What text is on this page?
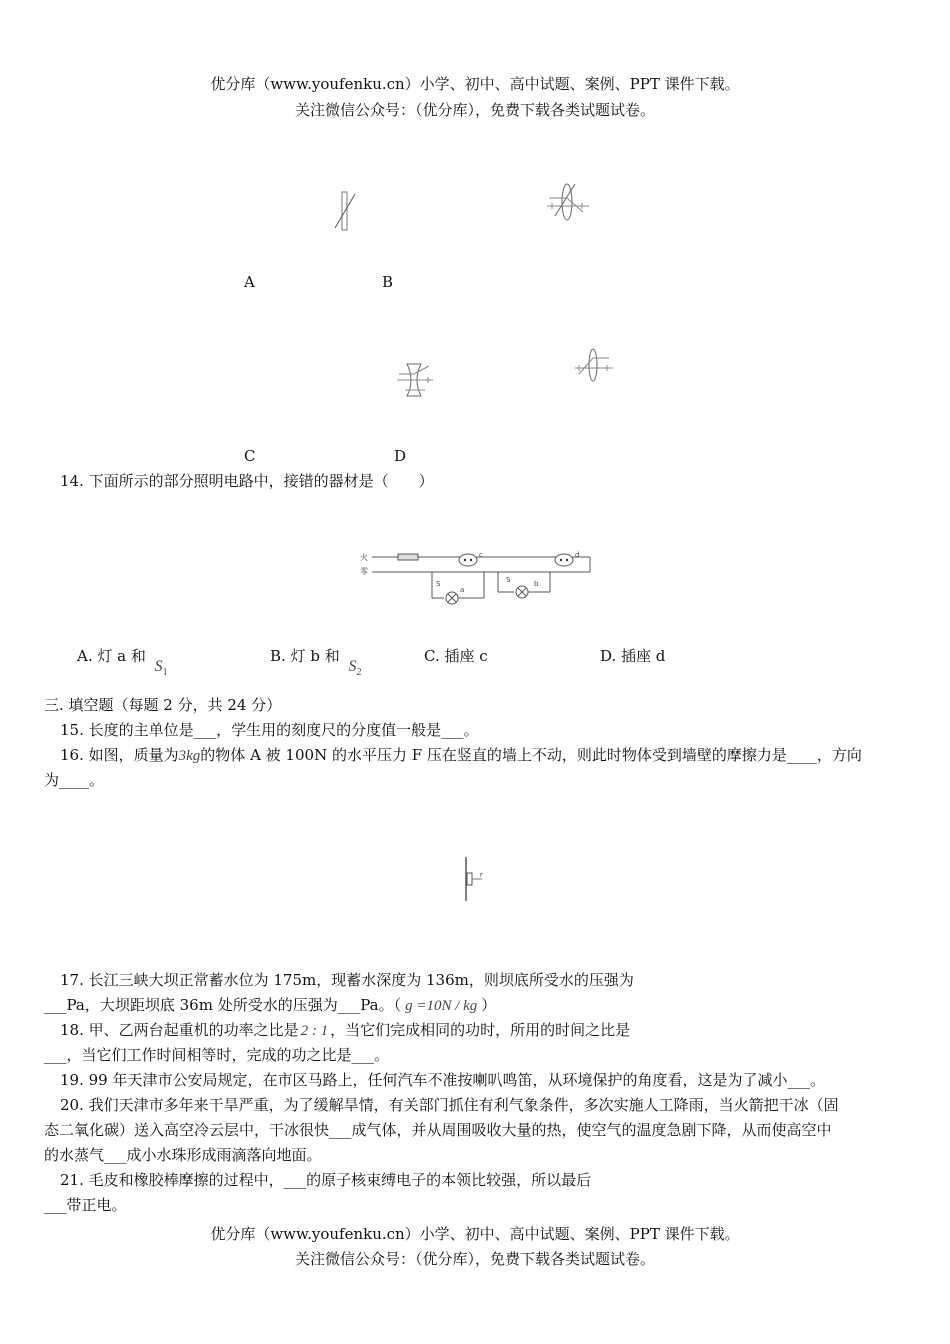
优分库（www.youfenku.cn）小学、初中、高中试题、案例、PPT 课件下载。
关注微信公众号：（优分库），免费下载各类试题试卷。
A	B
C	D
14. 下面所示的部分照明电路中，接错的器材是（　　）
火
零
c	d
S
a
S	b
A. 灯 a 和 $S_1$
B. 灯 b 和 $S_2$
C. 插座 c	D. 插座 d
三. 填空题（每题 2 分，共 24 分）
15. 长度的主单位是___，学生用的刻度尺的分度值一般是___。
16. 如图，质量为3kg的物体 A 被 100N 的水平压力 F 压在竖直的墙上不动，则此时物体受到墙壁的摩擦力是____，方向
为____。
F
17. 长江三峡大坝正常蓄水位为 175m，现蓄水深度为 136m，则坝底所受水的压强为
___Pa，大坝距坝底 36m 处所受水的压强为___Pa。（ g =10N / kg ）
18. 甲、乙两台起重机的功率之比是 2 : 1 ，当它们完成相同的功时，所用的时间之比是
___，当它们工作时间相等时，完成的功之比是___。
19. 99 年天津市公安局规定，在市区马路上，任何汽车不准按喇叭鸣笛，从环境保护的角度看，这是为了减小___。
20. 我们天津市多年来干旱严重，为了缓解旱情，有关部门抓住有利气象条件，多次实施人工降雨，当火箭把干冰（固
态二氧化碳）送入高空冷云层中，干冰很快___成气体，并从周围吸收大量的热，使空气的温度急剧下降，从而使高空中
的水蒸气___成小水珠形成雨滴落向地面。
21. 毛皮和橡胶棒摩擦的过程中，___的原子核束缚电子的本领比较强，所以最后
___带正电。
优分库（www.youfenku.cn）小学、初中、高中试题、案例、PPT 课件下载。
关注微信公众号：（优分库），免费下载各类试题试卷。
